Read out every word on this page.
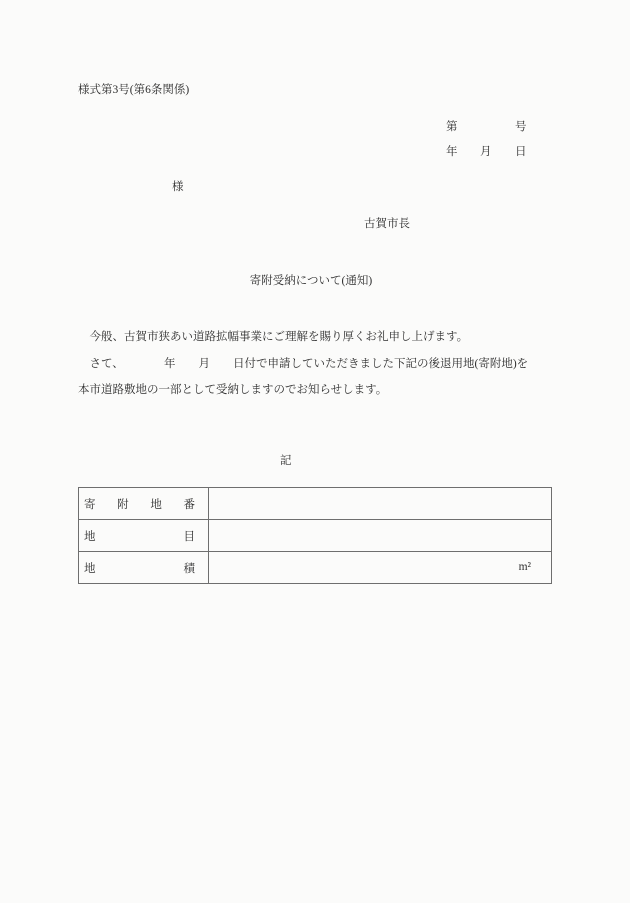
様式第3号(第6条関係)
第	号
年 月 日
様
古賀市長
寄附受納について(通知)
　今般、古賀市狭あい道路拡幅事業にご理解を賜り厚くお礼申し上げます。
　さて、　　　　年　　月　　日付で申請していただきました下記の後退用地(寄附地)を
本市道路敷地の一部として受納しますのでお知らせします。
記
寄附地番	
地目	
地積	m²
